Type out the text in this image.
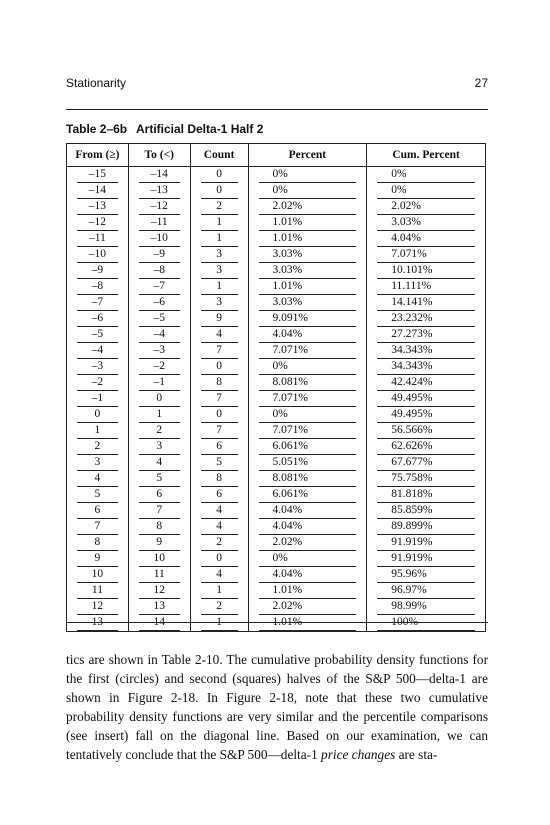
Stationarity	27
Table 2–6b Artificial Delta-1 Half 2
From (≥)	To (<)	Count	Percent	Cum. Percent

–15	–14	0	0%	0%

–14	–13	0	0%	0%

–13	–12	2	2.02%	2.02%

–12	–11	1	1.01%	3.03%

–11	–10	1	1.01%	4.04%

–10	–9	3	3.03%	7.071%

–9	–8	3	3.03%	10.101%

–8	–7	1	1.01%	11.111%

–7	–6	3	3.03%	14.141%

–6	–5	9	9.091%	23.232%

–5	–4	4	4.04%	27.273%

–4	–3	7	7.071%	34.343%

–3	–2	0	0%	34.343%

–2	–1	8	8.081%	42.424%

–1	0	7	7.071%	49.495%

0	1	0	0%	49.495%

1	2	7	7.071%	56.566%

2	3	6	6.061%	62.626%

3	4	5	5.051%	67.677%

4	5	8	8.081%	75.758%

5	6	6	6.061%	81.818%

6	7	4	4.04%	85.859%

7	8	4	4.04%	89.899%

8	9	2	2.02%	91.919%

9	10	0	0%	91.919%

10	11	4	4.04%	95.96%

11	12	1	1.01%	96.97%

12	13	2	2.02%	98.99%

13	14	1	1.01%	100%

tics are shown in Table 2-10. The cumulative probability density functions for the first (circles) and second (squares) halves of the S&P 500—delta-1 are shown in Figure 2-18. In Figure 2-18, note that these two cumulative probability density functions are very similar and the percentile comparisons (see insert) fall on the diagonal line. Based on our examination, we can tentatively conclude that the S&P 500—delta-1 price changes are sta-
